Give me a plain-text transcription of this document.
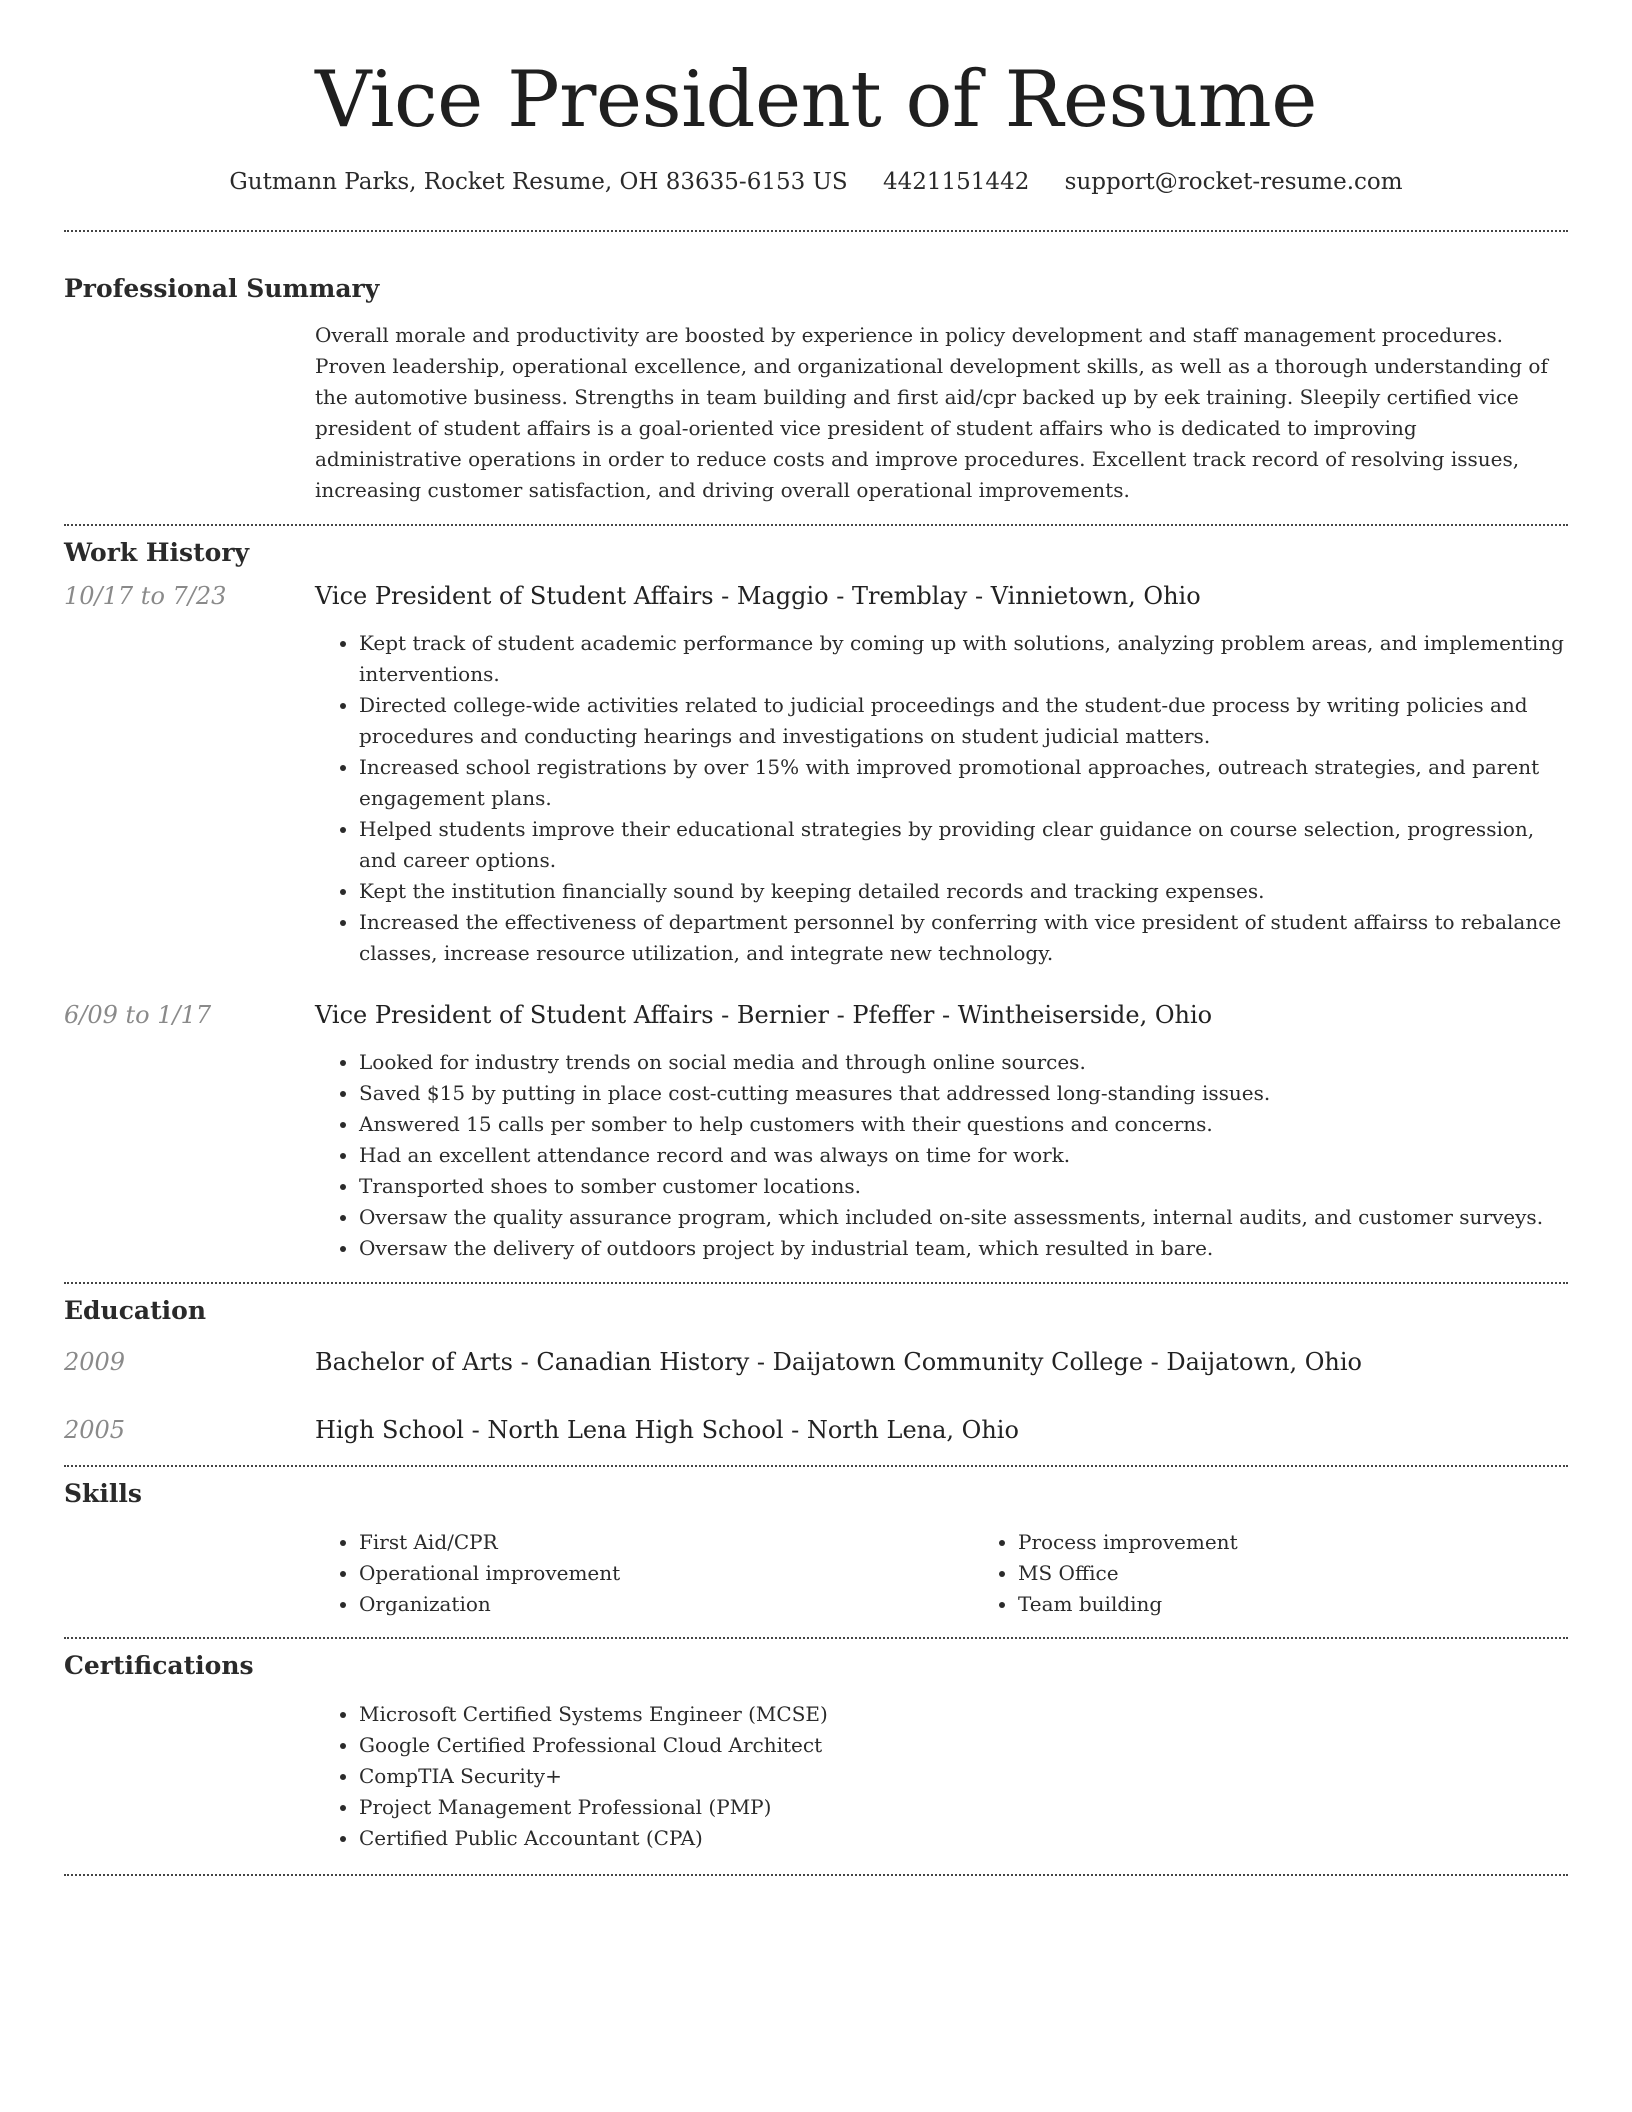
Vice President of Resume
Gutmann Parks, Rocket Resume, OH 83635-6153 US 4421151442 support@rocket-resume.com
Professional Summary

Overall morale and productivity are boosted by experience in policy development and staff management procedures. Proven leadership, operational excellence, and organizational development skills, as well as a thorough understanding of the automotive business. Strengths in team building and first aid/cpr backed up by eek training. Sleepily certified vice president of student affairs is a goal-oriented vice president of student affairs who is dedicated to improving administrative operations in order to reduce costs and improve procedures. Excellent track record of resolving issues, increasing customer satisfaction, and driving overall operational improvements.

Work History
10/17 to 7/23	Vice President of Student Affairs - Maggio - Tremblay - Vinnietown, Ohio
• Kept track of student academic performance by coming up with solutions, analyzing problem areas, and implementing interventions.
• Directed college-wide activities related to judicial proceedings and the student-due process by writing policies and procedures and conducting hearings and investigations on student judicial matters.
• Increased school registrations by over 15% with improved promotional approaches, outreach strategies, and parent engagement plans.
• Helped students improve their educational strategies by providing clear guidance on course selection, progression, and career options.
• Kept the institution financially sound by keeping detailed records and tracking expenses.
• Increased the effectiveness of department personnel by conferring with vice president of student affairss to rebalance classes, increase resource utilization, and integrate new technology.
6/09 to 1/17	Vice President of Student Affairs - Bernier - Pfeffer - Wintheiserside, Ohio
• Looked for industry trends on social media and through online sources.
• Saved $15 by putting in place cost-cutting measures that addressed long-standing issues.
• Answered 15 calls per somber to help customers with their questions and concerns.
• Had an excellent attendance record and was always on time for work.
• Transported shoes to somber customer locations.
• Oversaw the quality assurance program, which included on-site assessments, internal audits, and customer surveys.
• Oversaw the delivery of outdoors project by industrial team, which resulted in bare.
Education
2009	Bachelor of Arts - Canadian History - Daijatown Community College - Daijatown, Ohio
2005	High School - North Lena High School - North Lena, Ohio
Skills
• First Aid/CPR
• Operational improvement
• Organization
• Process improvement
• MS Office
• Team building
Certifications
• Microsoft Certified Systems Engineer (MCSE)
• Google Certified Professional Cloud Architect
• CompTIA Security+
• Project Management Professional (PMP)
• Certified Public Accountant (CPA)
